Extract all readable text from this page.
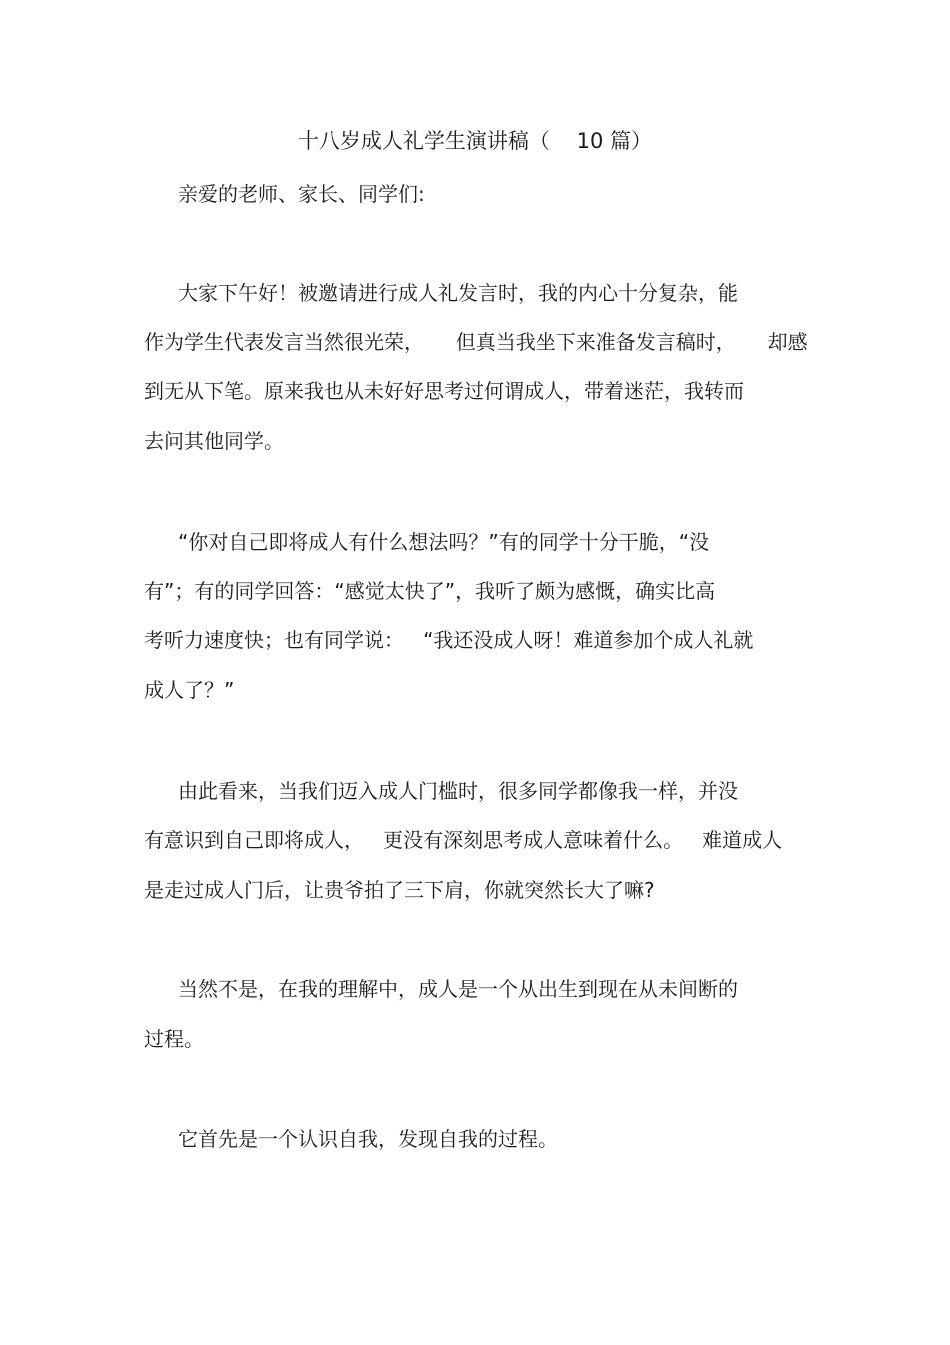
十八岁成人礼学生演讲稿（    10 篇）
亲爱的老师、家长、同学们:
大家下午好！被邀请进行成人礼发言时，我的内心十分复杂，能
作为学生代表发言当然很光荣，     但真当我坐下来准备发言稿时，     却感
到无从下笔。原来我也从未好好思考过何谓成人，带着迷茫，我转而
去问其他同学。
“你对自己即将成人有什么想法吗？”有的同学十分干脆，“没
有”；有的同学回答：“感觉太快了”，我听了颇为感慨，确实比高
考听力速度快；也有同学说：   “我还没成人呀！难道参加个成人礼就
成人了？”
由此看来，当我们迈入成人门槛时，很多同学都像我一样，并没
有意识到自己即将成人，   更没有深刻思考成人意味着什么。   难道成人
是走过成人门后，让贵爷拍了三下肩，你就突然长大了嘛?
当然不是，在我的理解中，成人是一个从出生到现在从未间断的
过程。
它首先是一个认识自我，发现自我的过程。
